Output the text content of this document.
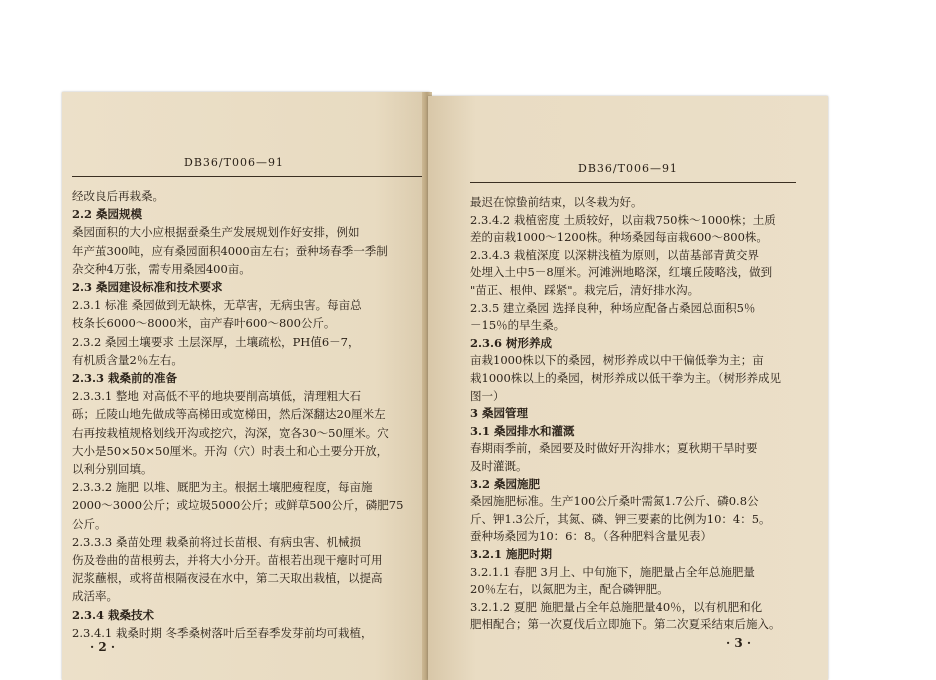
DB36/T006—91
经改良后再栽桑。
2.2 桑园规模
桑园面积的大小应根据蚕桑生产发展规划作好安排，例如
年产茧300吨，应有桑园面积4000亩左右；蚕种场春季一季制
杂交种4万张，需专用桑园400亩。
2.3 桑园建设标准和技术要求
2.3.1 标准 桑园做到无缺株，无草害，无病虫害。每亩总
枝条长6000～8000米，亩产春叶600～800公斤。
2.3.2 桑园土壤要求 土层深厚，土壤疏松，PH值6－7，
有机质含量2％左右。
2.3.3 栽桑前的准备
2.3.3.1 整地 对高低不平的地块要削高填低，清理粗大石
砾；丘陵山地先做成等高梯田或宽梯田，然后深翻达20厘米左
右再按栽植规格划线开沟或挖穴，沟深，宽各30～50厘米。穴
大小是50×50×50厘米。开沟（穴）时表土和心土要分开放，
以利分别回填。
2.3.3.2 施肥 以堆、厩肥为主。根据土壤肥瘦程度，每亩施
2000～3000公斤；或垃圾5000公斤；或鲜草500公斤，磷肥75
公斤。
2.3.3.3 桑苗处理 栽桑前将过长苗根、有病虫害、机械损
伤及卷曲的苗根剪去，并将大小分开。苗根若出现干瘪时可用
泥浆蘸根，或将苗根隔夜浸在水中，第二天取出栽植，以提高
成活率。
2.3.4 栽桑技术
2.3.4.1 栽桑时期 冬季桑树落叶后至春季发芽前均可栽植，
· 2 ·
DB36/T006—91
最迟在惊蛰前结束，以冬栽为好。
2.3.4.2 栽植密度 土质较好，以亩栽750株～1000株；土质
差的亩栽1000～1200株。种场桑园每亩栽600～800株。
2.3.4.3 栽植深度 以深耕浅植为原则，以苗基部青黄交界
处埋入土中5－8厘米。河滩洲地略深，红壤丘陵略浅，做到
"苗正、根伸、踩紧"。栽完后，清好排水沟。
2.3.5 建立桑园 选择良种，种场应配备占桑园总面积5％
－15％的早生桑。
2.3.6 树形养成
亩栽1000株以下的桑园，树形养成以中干偏低拳为主；亩
栽1000株以上的桑园，树形养成以低干拳为主。（树形养成见
图一）
3 桑园管理
3.1 桑园排水和灌溉
春期雨季前，桑园要及时做好开沟排水；夏秋期干旱时要
及时灌溉。
3.2 桑园施肥
桑园施肥标准。生产100公斤桑叶需氮1.7公斤、磷0.8公
斤、钾1.3公斤，其氮、磷、钾三要素的比例为10：4：5。
蚕种场桑园为10：6：8。（各种肥料含量见表）
3.2.1 施肥时期
3.2.1.1 春肥 3月上、中旬施下，施肥量占全年总施肥量
20％左右，以氮肥为主，配合磷钾肥。
3.2.1.2 夏肥 施肥量占全年总施肥量40％，以有机肥和化
肥相配合；第一次夏伐后立即施下。第二次夏采结束后施入。
· 3 ·
